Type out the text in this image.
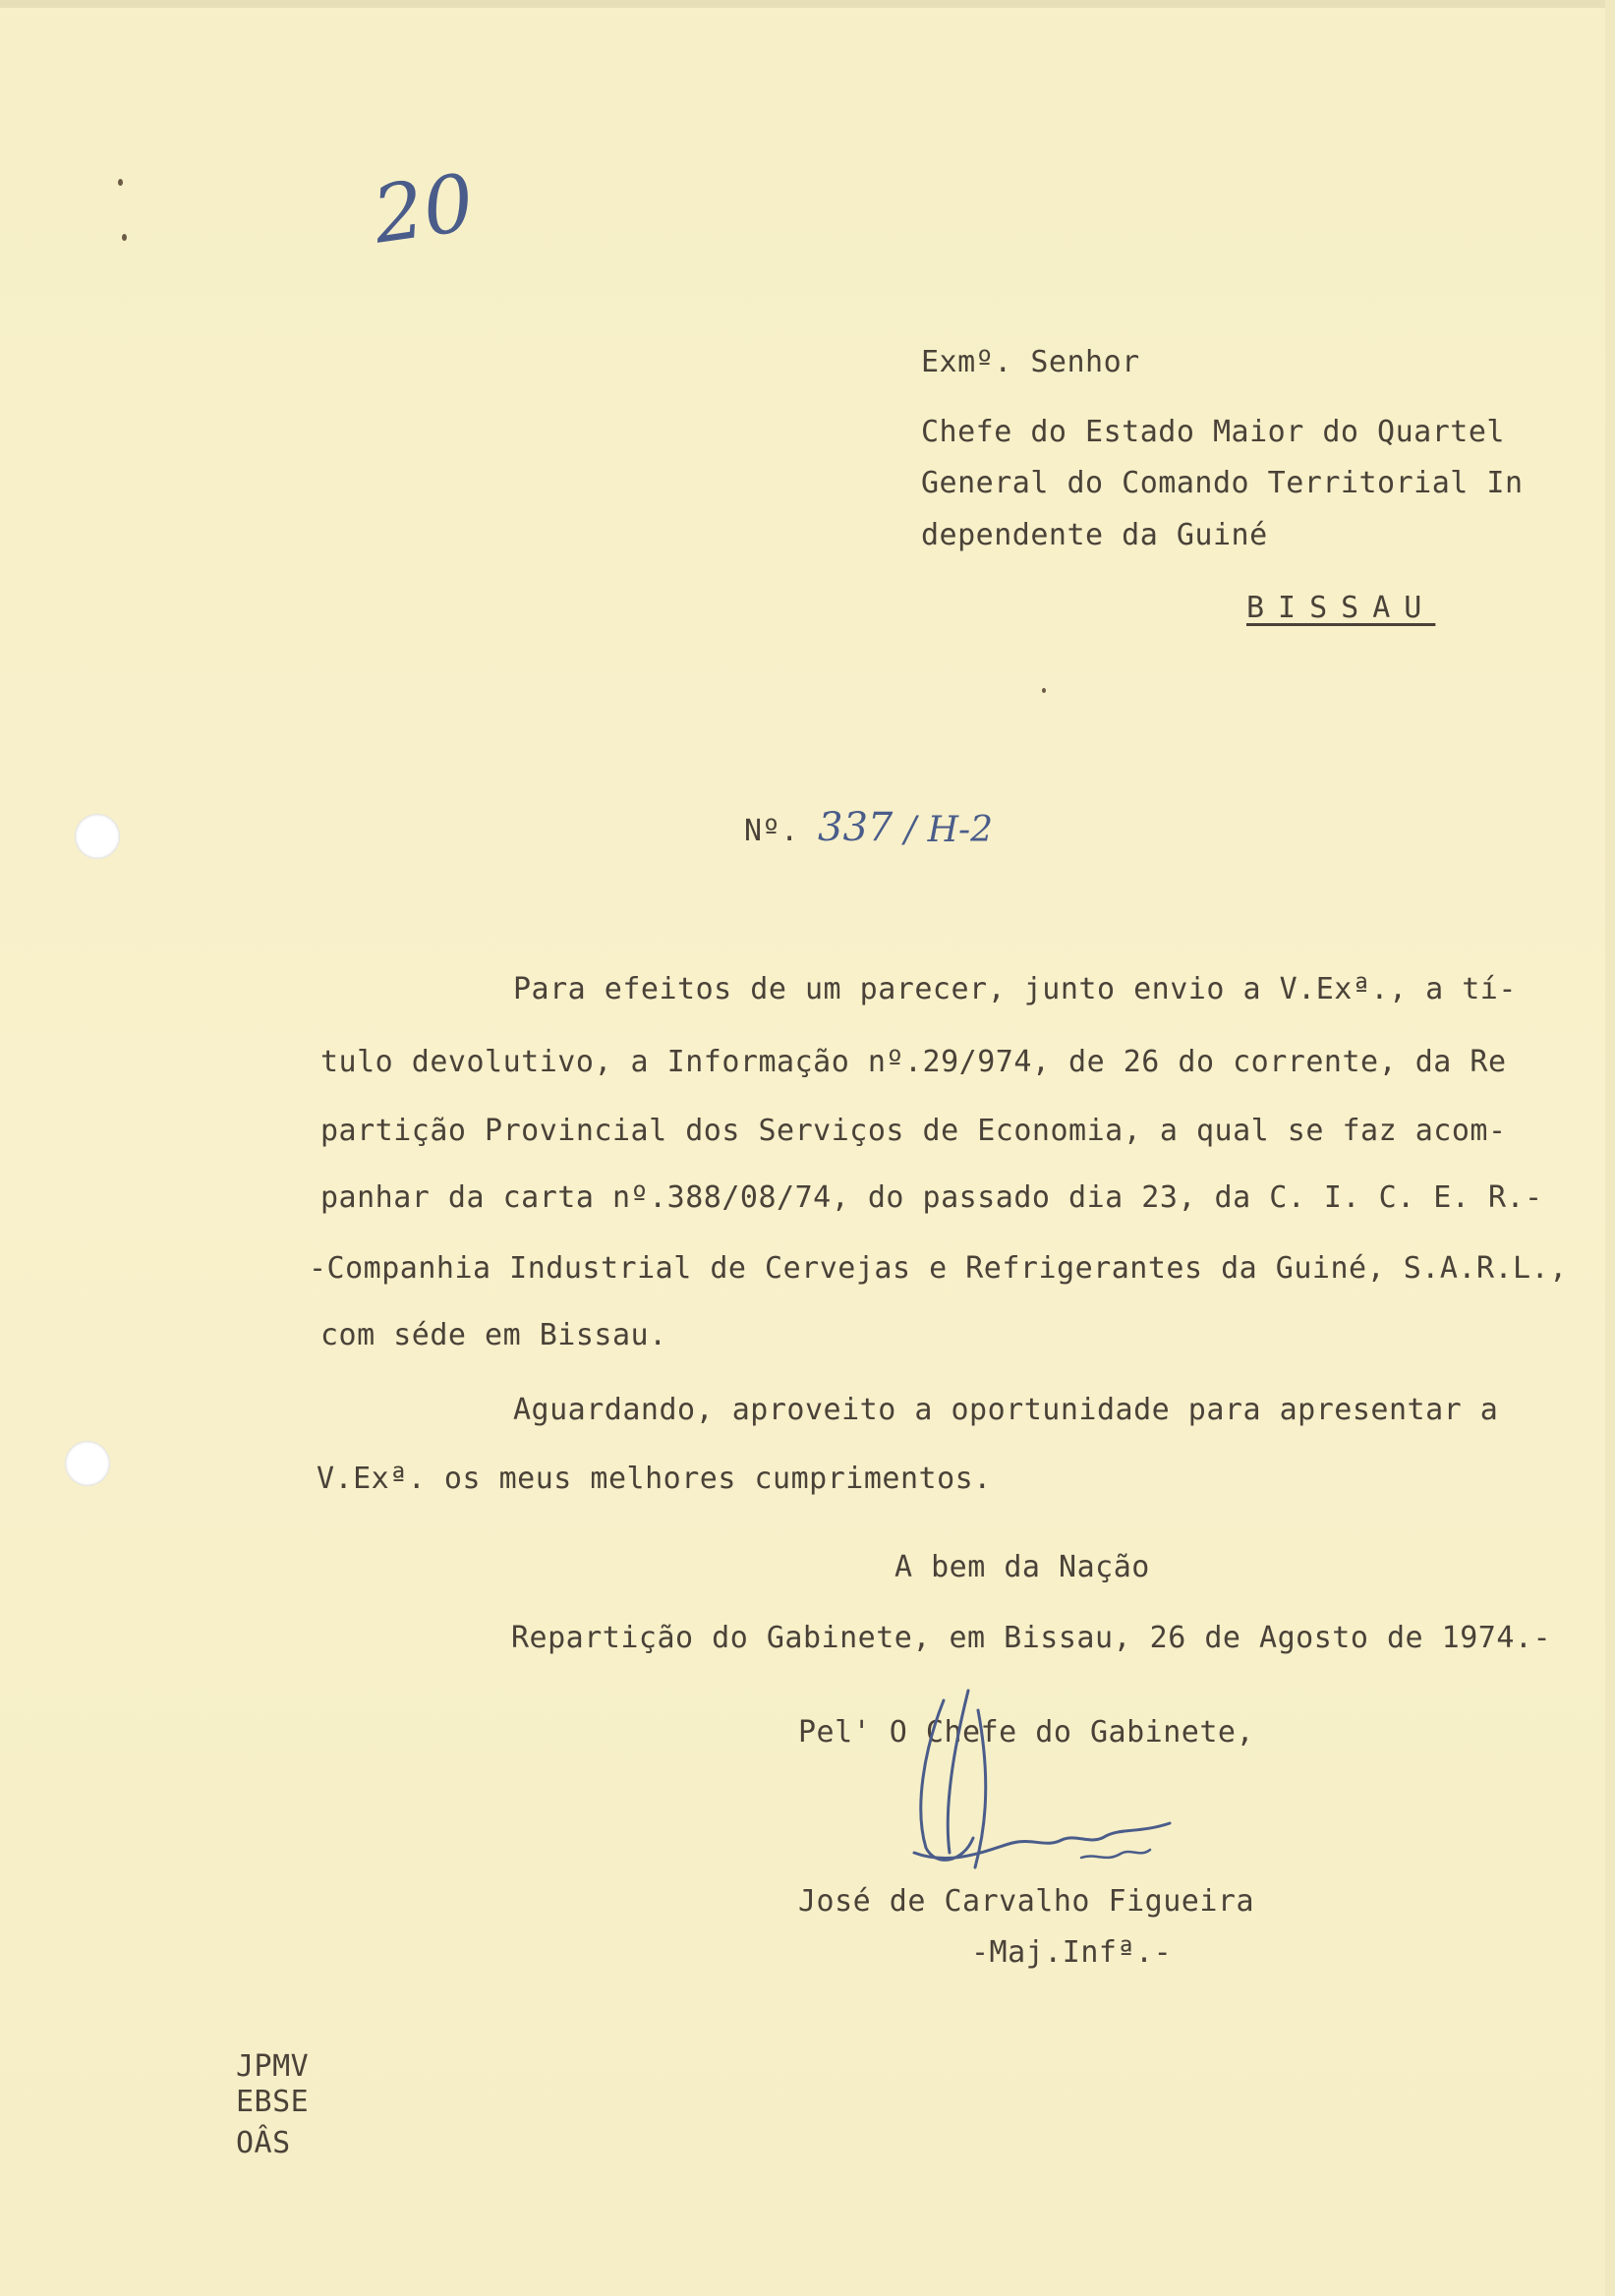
20
Exmº. Senhor
Chefe do Estado Maior do Quartel
General do Comando Territorial In
dependente da Guiné
BISSAU
Nº. 337 / H-2
Para efeitos de um parecer, junto envio a V.Exª., a tí-
tulo devolutivo, a Informação nº.29/974, de 26 do corrente, da Re
partição Provincial dos Serviços de Economia, a qual se faz acom-
panhar da carta nº.388/08/74, do passado dia 23, da C. I. C. E. R.-
-Companhia Industrial de Cervejas e Refrigerantes da Guiné, S.A.R.L.,
com séde em Bissau.
Aguardando, aproveito a oportunidade para apresentar a
V.Exª. os meus melhores cumprimentos.
A bem da Nação
Repartição do Gabinete, em Bissau, 26 de Agosto de 1974.-
Pel' O Chefe do Gabinete,
José de Carvalho Figueira
-Maj.Infª.-
JPMV
EBSE
OÂS
